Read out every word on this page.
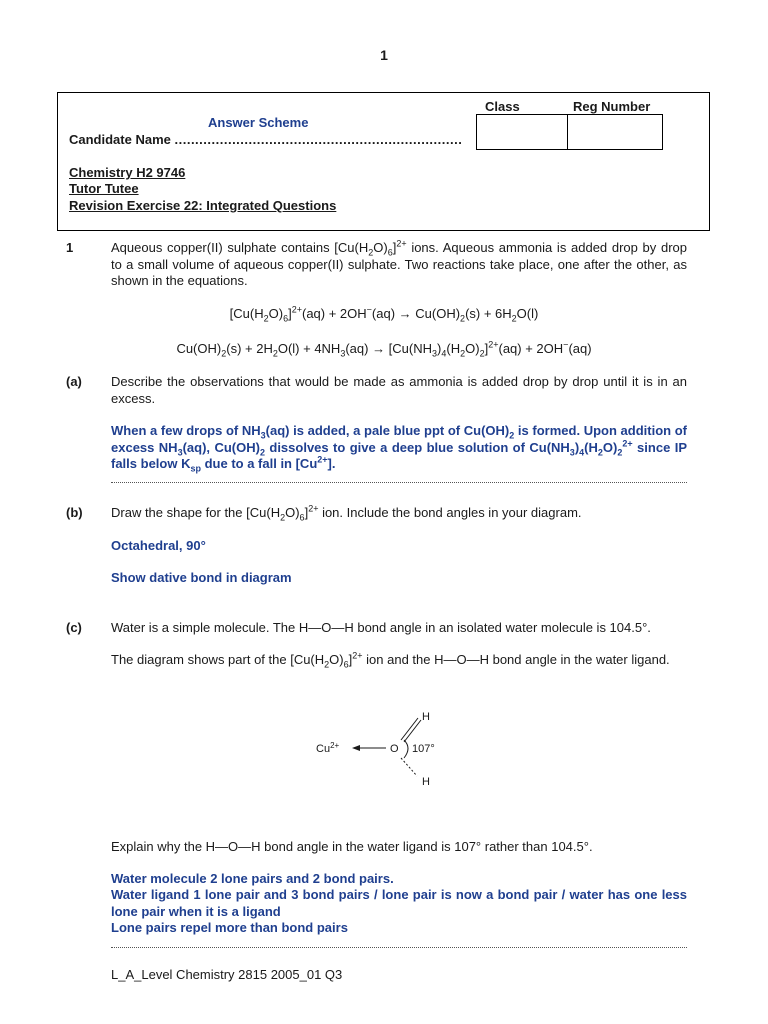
1
Class	Reg Number
Answer Scheme
Candidate Name ......................................................................
Chemistry H2 9746
Tutor Tutee
Revision Exercise 22: Integrated Questions
1	Aqueous copper(II) sulphate contains $[Cu(H_2O)_6]^{2+}$ ions. Aqueous ammonia is added drop by drop to a small volume of aqueous copper(II) sulphate. Two reactions take place, one after the other, as shown in the equations.
$[Cu(H_2O)_6]^{2+}(aq) + 2OH^-(aq) \to Cu(OH)_2(s) + 6H_2O(l)$
$Cu(OH)_2(s) + 2H_2O(l) + 4NH_3(aq) \to [Cu(NH_3)_4(H_2O)_2]^{2+}(aq) + 2OH^-(aq)$
(a) Describe the observations that would be made as ammonia is added drop by drop until it is in an excess.
When a few drops of $NH_3(aq)$ is added, a pale blue ppt of $Cu(OH)_2$ is formed. Upon addition of excess $NH_3(aq)$, $Cu(OH)_2$ dissolves to give a deep blue solution of $Cu(NH_3)_4(H_2O)_2^{2+}$ since IP falls below $K_{sp}$ due to a fall in $[Cu^{2+}]$.
(b) Draw the shape for the $[Cu(H_2O)_6]^{2+}$ ion. Include the bond angles in your diagram.
Octahedral, 90°
Show dative bond in diagram
(c) Water is a simple molecule. The H—O—H bond angle in an isolated water molecule is 104.5°.
The diagram shows part of the $[Cu(H_2O)_6]^{2+}$ ion and the H—O—H bond angle in the water ligand.
$Cu^{2+}$	O
H
H
107°
Explain why the H—O—H bond angle in the water ligand is 107° rather than 104.5°.
Water molecule 2 lone pairs and 2 bond pairs.
Water ligand 1 lone pair and 3 bond pairs / lone pair is now a bond pair / water has one less lone pair when it is a ligand
Lone pairs repel more than bond pairs
L_A_Level Chemistry 2815 2005_01 Q3
